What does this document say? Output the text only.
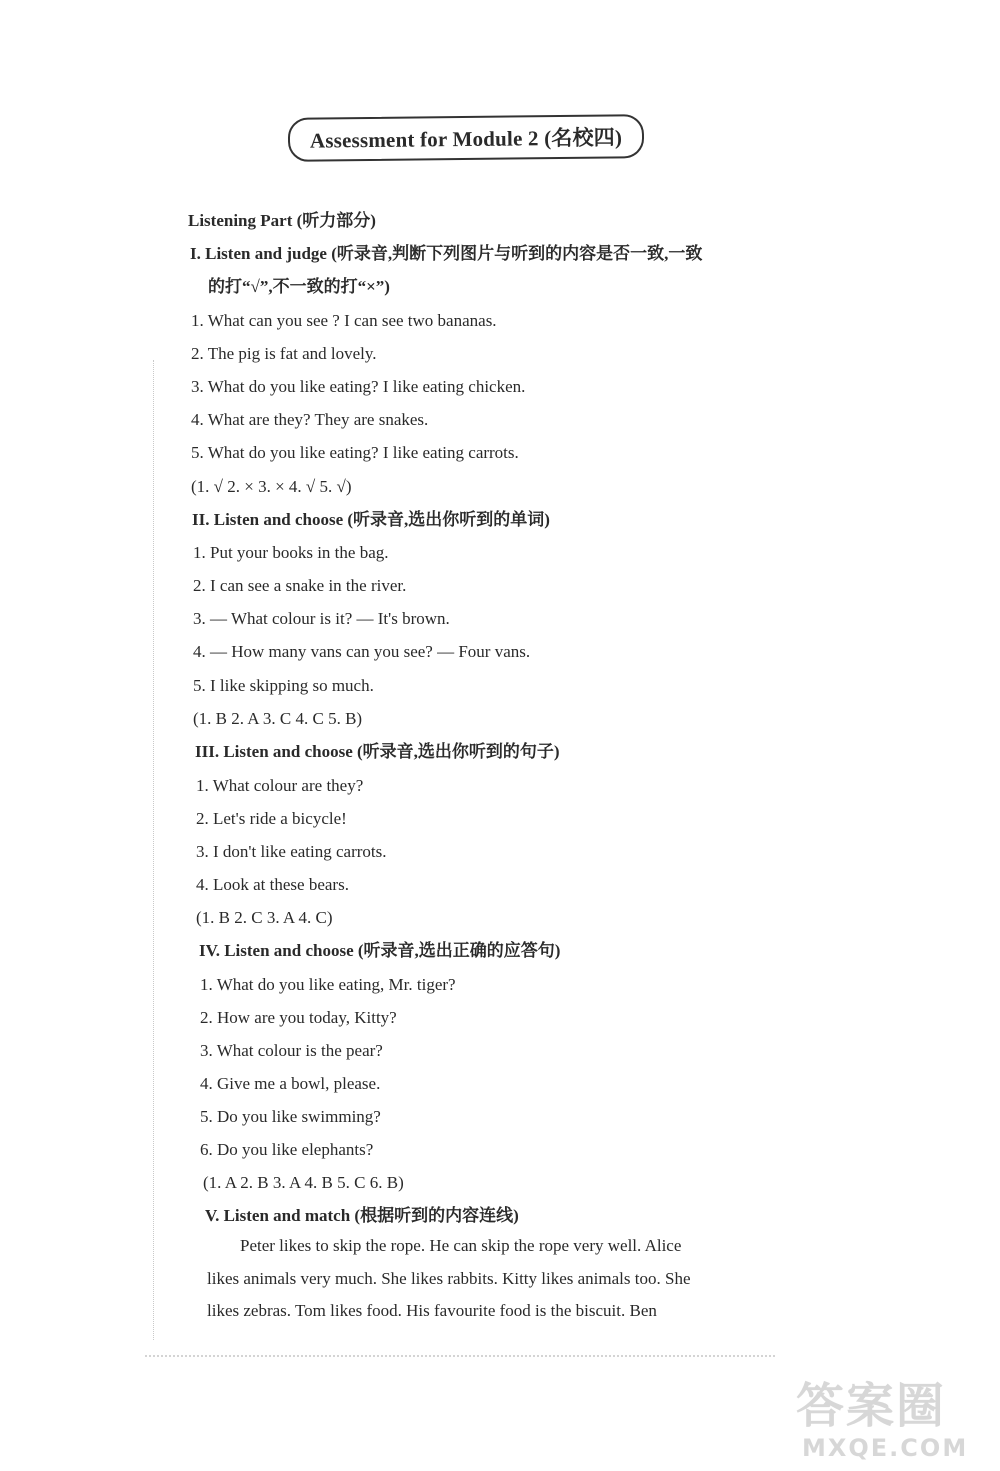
Assessment for Module 2 (名校四)
Listening Part (听力部分)
I. Listen and judge (听录音,判断下列图片与听到的内容是否一致,一致
的打“√”,不一致的打“×”)
1. What can you see ? I can see two bananas.
2. The pig is fat and lovely.
3. What do you like eating? I like eating chicken.
4. What are they? They are snakes.
5. What do you like eating? I like eating carrots.
(1. √ 2. × 3. × 4. √ 5. √)
II. Listen and choose (听录音,选出你听到的单词)
1. Put your books in the bag.
2. I can see a snake in the river.
3. — What colour is it? — It's brown.
4. — How many vans can you see? — Four vans.
5. I like skipping so much.
(1. B 2. A 3. C 4. C 5. B)
III. Listen and choose (听录音,选出你听到的句子)
1. What colour are they?
2. Let's ride a bicycle!
3. I don't like eating carrots.
4. Look at these bears.
(1. B 2. C 3. A 4. C)
IV. Listen and choose (听录音,选出正确的应答句)
1. What do you like eating, Mr. tiger?
2. How are you today, Kitty?
3. What colour is the pear?
4. Give me a bowl, please.
5. Do you like swimming?
6. Do you like elephants?
(1. A 2. B 3. A 4. B 5. C 6. B)
V. Listen and match (根据听到的内容连线)
Peter likes to skip the rope. He can skip the rope very well. Alice
likes animals very much. She likes rabbits. Kitty likes animals too. She
likes zebras. Tom likes food. His favourite food is the biscuit. Ben
答案圈
MXQE.COM
